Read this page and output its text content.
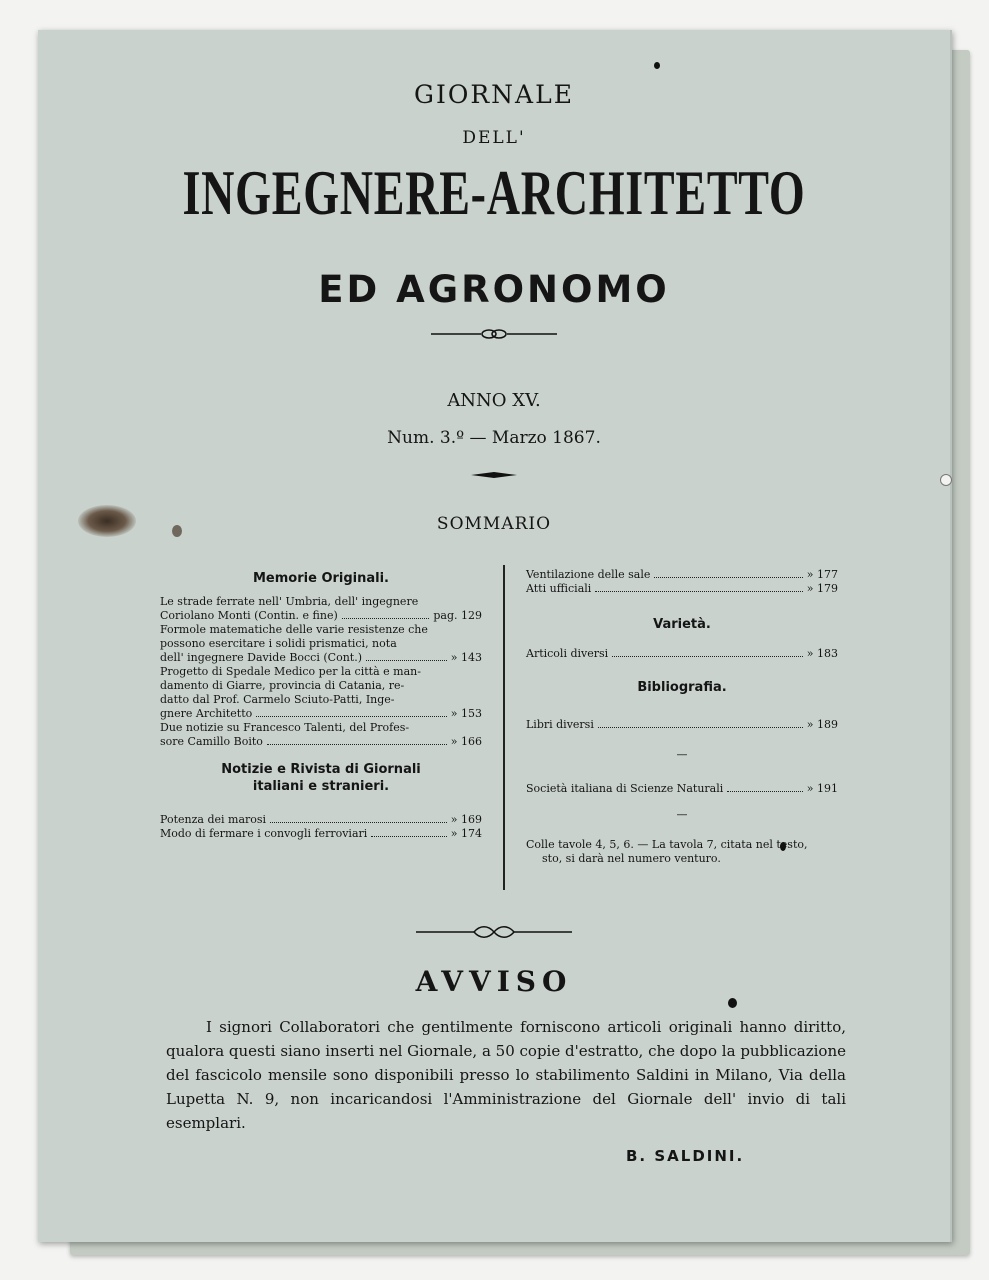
GIORNALE
DELL'
INGEGNERE-ARCHITETTO
ED AGRONOMO
ANNO XV.
Num. 3.º — Marzo 1867.
SOMMARIO
Memorie Originali.
Le strade ferrate nell' Umbria, dell' ingegnere
Coriolano Monti (Contin. e fine)	pag. 129
Formole matematiche delle varie resistenze che
possono esercitare i solidi prismatici, nota
dell' ingegnere Davide Bocci (Cont.)	» 143
Progetto di Spedale Medico per la città e man-
damento di Giarre, provincia di Catania, re-
datto dal Prof. Carmelo Sciuto-Patti, Inge-
gnere Architetto	» 153
Due notizie su Francesco Talenti, del Profes-
sore Camillo Boito	» 166
Notizie e Rivista di Giornali
italiani e stranieri.
Potenza dei marosi	» 169
Modo di fermare i convogli ferroviari	» 174
Ventilazione delle sale	» 177
Atti ufficiali	» 179
Varietà.
Articoli diversi	» 183
Bibliografia.
Libri diversi	» 189
—
Società italiana di Scienze Naturali	» 191
—
Colle tavole 4, 5, 6. — La tavola 7, citata nel testo,
sto, si darà nel numero venturo.
AVVISO
I signori Collaboratori che gentilmente forniscono articoli originali hanno diritto, qualora questi siano inserti nel Giornale, a 50 copie d'estratto, che dopo la pubblicazione del fascicolo mensile sono disponibili presso lo stabilimento Saldini in Milano, Via della Lupetta N. 9, non incaricandosi l'Amministrazione del Giornale dell' invio di tali esemplari.
B. SALDINI.
